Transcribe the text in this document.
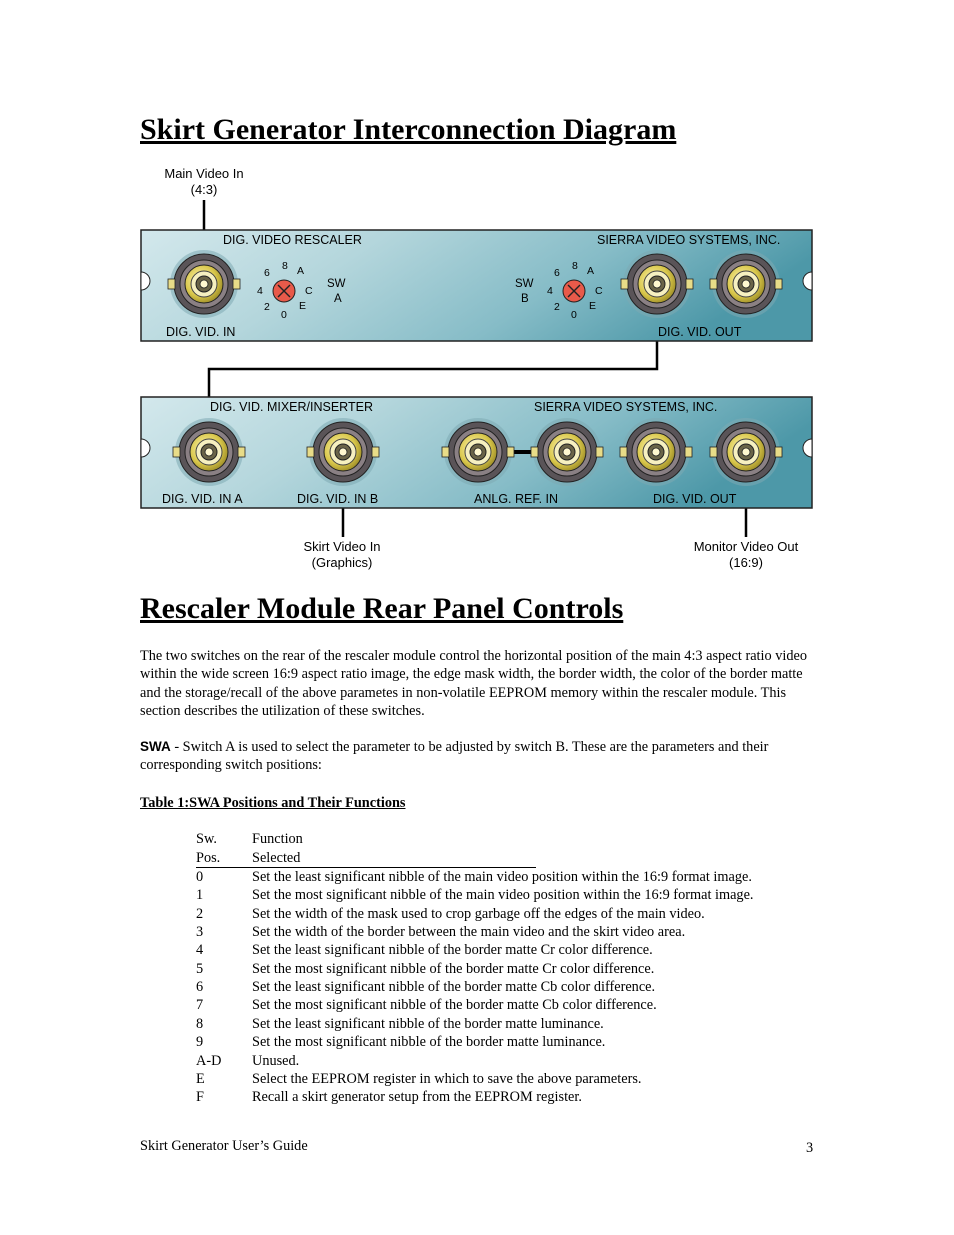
Skirt Generator Interconnection Diagram
DIG. VIDEO RESCALER	SIERRA VIDEO SYSTEMS, INC.
DIG. VID. IN	DIG. VID. OUT
SW
A
SW
B
8 A
C
E
0
2
4
6
8 A
C
E
0
2
4
6
DIG. VID. MIXER/INSERTER	SIERRA VIDEO SYSTEMS, INC.
DIG. VID. IN A	DIG. VID. IN B	ANLG. REF. IN	DIG. VID. OUT
Main Video In
(4:3)
Skirt Video In
(Graphics)
Monitor Video Out
(16:9)
Rescaler Module Rear Panel Controls
The two switches on the rear of the rescaler module control the horizontal position of the main 4:3 aspect ratio video within the wide screen 16:9 aspect ratio image, the edge mask width, the border width, the color of the border matte and the storage/recall of the above parametes in non-volatile EEPROM memory within the rescaler module. This section describes the utilization of these switches.
SWA - Switch A is used to select the parameter to be adjusted by switch B. These are the parameters and their corresponding switch positions:
Table 1:SWA Positions and Their Functions
Sw. Function
Pos. Selected
0	Set the least significant nibble of the main video position within the 16:9 format image.
1	Set the most significant nibble of the main video position within the 16:9 format image.
2	Set the width of the mask used to crop garbage off the edges of the main video.
3	Set the width of the border between the main video and the skirt video area.
4	Set the least significant nibble of the border matte Cr color difference.
5	Set the most significant nibble of the border matte Cr color difference.
6	Set the least significant nibble of the border matte Cb color difference.
7	Set the most significant nibble of the border matte Cb color difference.
8	Set the least significant nibble of the border matte luminance.
9	Set the most significant nibble of the border matte luminance.
A-D Unused.
E	Select the EEPROM register in which to save the above parameters.
F	Recall a skirt generator setup from the EEPROM register.
Skirt Generator User’s Guide	3
